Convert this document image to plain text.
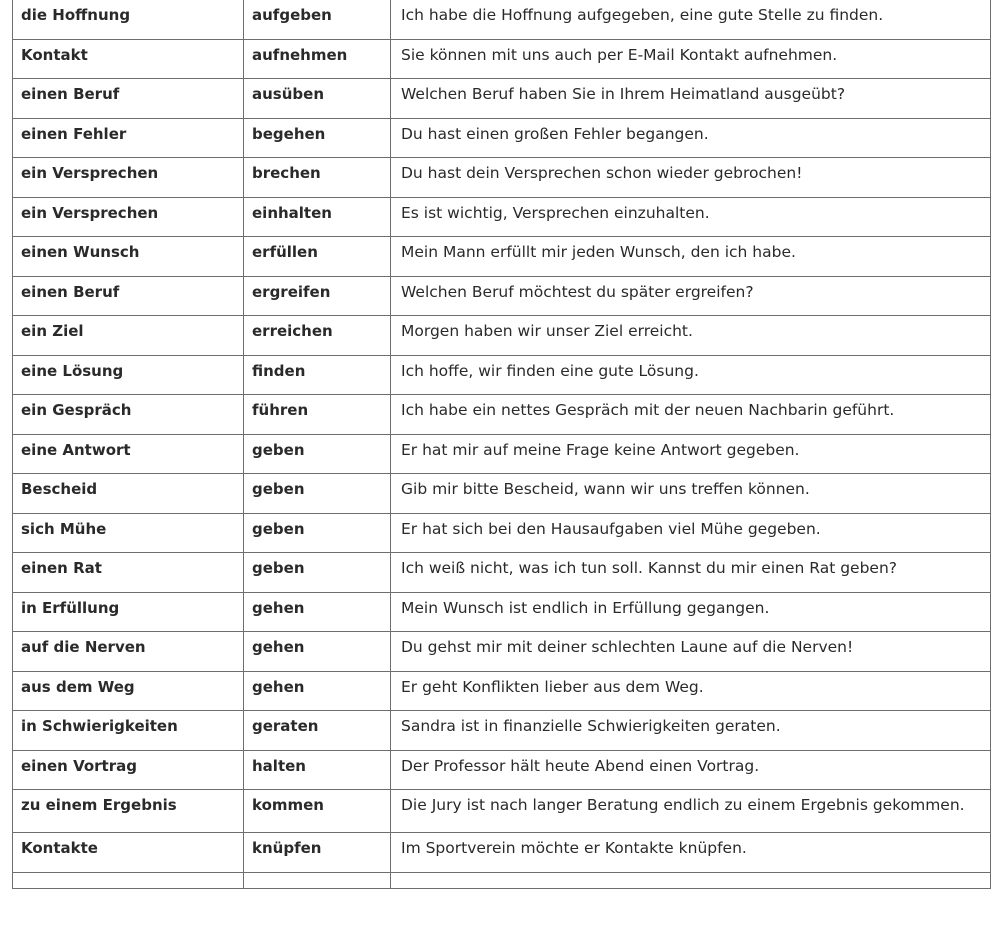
die Hoffnung	aufgeben	Ich habe die Hoffnung aufgegeben, eine gute Stelle zu finden.
Kontakt	aufnehmen	Sie können mit uns auch per E-Mail Kontakt aufnehmen.
einen Beruf	ausüben	Welchen Beruf haben Sie in Ihrem Heimatland ausgeübt?
einen Fehler	begehen	Du hast einen großen Fehler begangen.
ein Versprechen	brechen	Du hast dein Versprechen schon wieder gebrochen!
ein Versprechen	einhalten	Es ist wichtig, Versprechen einzuhalten.
einen Wunsch	erfüllen	Mein Mann erfüllt mir jeden Wunsch, den ich habe.
einen Beruf	ergreifen	Welchen Beruf möchtest du später ergreifen?
ein Ziel	erreichen	Morgen haben wir unser Ziel erreicht.
eine Lösung	finden	Ich hoffe, wir finden eine gute Lösung.
ein Gespräch	führen	Ich habe ein nettes Gespräch mit der neuen Nachbarin geführt.
eine Antwort	geben	Er hat mir auf meine Frage keine Antwort gegeben.
Bescheid	geben	Gib mir bitte Bescheid, wann wir uns treffen können.
sich Mühe	geben	Er hat sich bei den Hausaufgaben viel Mühe gegeben.
einen Rat	geben	Ich weiß nicht, was ich tun soll. Kannst du mir einen Rat geben?
in Erfüllung	gehen	Mein Wunsch ist endlich in Erfüllung gegangen.
auf die Nerven	gehen	Du gehst mir mit deiner schlechten Laune auf die Nerven!
aus dem Weg	gehen	Er geht Konflikten lieber aus dem Weg.
in Schwierigkeiten	geraten	Sandra ist in finanzielle Schwierigkeiten geraten.
einen Vortrag	halten	Der Professor hält heute Abend einen Vortrag.
zu einem Ergebnis	kommen	Die Jury ist nach langer Beratung endlich zu einem Ergebnis gekommen.
Kontakte	knüpfen	Im Sportverein möchte er Kontakte knüpfen.
